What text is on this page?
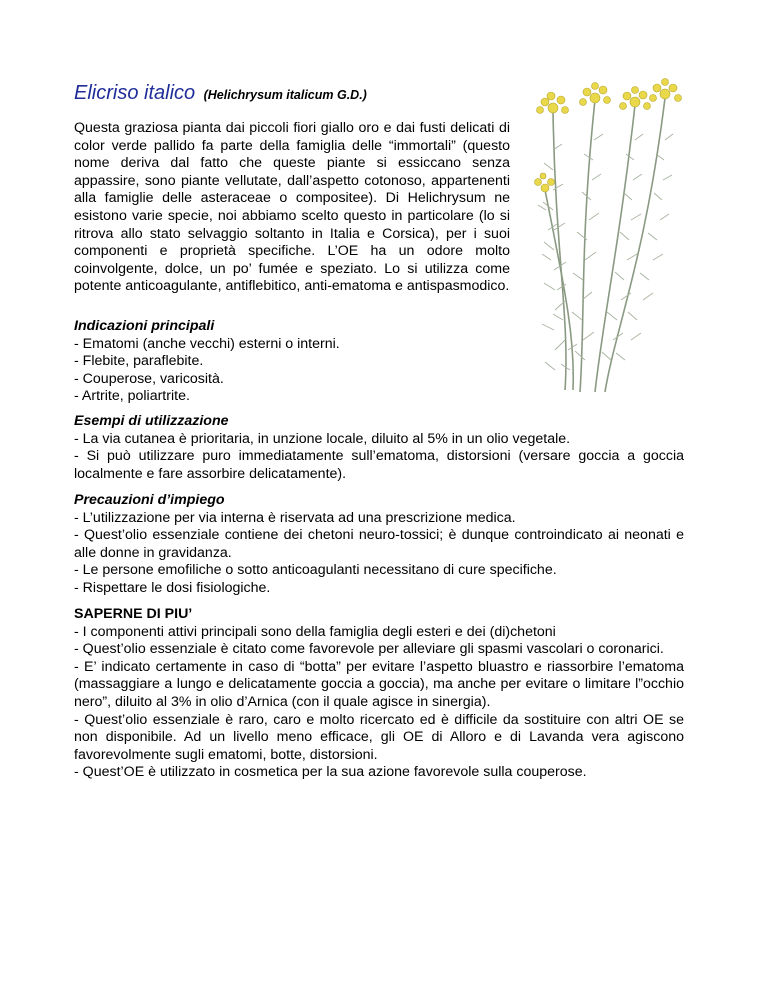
Elicriso italico (Helichrysum italicum G.D.)

Questa graziosa pianta dai piccoli fiori giallo oro e dai fusti delicati di color verde pallido fa parte della famiglia delle “immortali” (questo nome deriva dal fatto che queste piante si essiccano senza appassire, sono piante vellutate, dall’aspetto cotonoso, appartenenti alla famiglie delle asteraceae o compositee). Di Helichrysum ne esistono varie specie, noi abbiamo scelto questo in particolare (lo si ritrova allo stato selvaggio soltanto in Italia e Corsica), per i suoi componenti e proprietà specifiche. L’OE ha un odore molto coinvolgente, dolce, un po’ fumée e speziato. Lo si utilizza come potente anticoagulante, antiflebitico, anti-ematoma e antispasmodico.

Indicazioni principali

- Ematomi (anche vecchi) esterni o interni.
- Flebite, paraflebite.
- Couperose, varicosità.
- Artrite, poliartrite.

Esempi di utilizzazione

- La via cutanea è prioritaria, in unzione locale, diluito al 5% in un olio vegetale.
- Si può utilizzare puro immediatamente sull’ematoma, distorsioni (versare goccia a goccia localmente e fare assorbire delicatamente).

Precauzioni d’impiego

- L’utilizzazione per via interna è riservata ad una prescrizione medica.
- Quest’olio essenziale contiene dei chetoni neuro-tossici; è dunque controindicato ai neonati e alle donne in gravidanza.
- Le persone emofiliche o sotto anticoagulanti necessitano di cure specifiche.
- Rispettare le dosi fisiologiche.

SAPERNE DI PIU’

- I componenti attivi principali sono della famiglia degli esteri e dei (di)chetoni
- Quest’olio essenziale è citato come favorevole per alleviare gli spasmi vascolari o coronarici.
- E’ indicato certamente in caso di “botta” per evitare l’aspetto bluastro e riassorbire l’ematoma (massaggiare a lungo e delicatamente goccia a goccia), ma anche per evitare o limitare l”occhio nero”, diluito al 3% in olio d’Arnica (con il quale agisce in sinergia).
- Quest’olio essenziale è raro, caro e molto ricercato ed è difficile da sostituire con altri OE se non disponibile. Ad un livello meno efficace, gli OE di Alloro e di Lavanda vera agiscono favorevolmente sugli ematomi, botte, distorsioni.
- Quest’OE è utilizzato in cosmetica per la sua azione favorevole sulla couperose.
